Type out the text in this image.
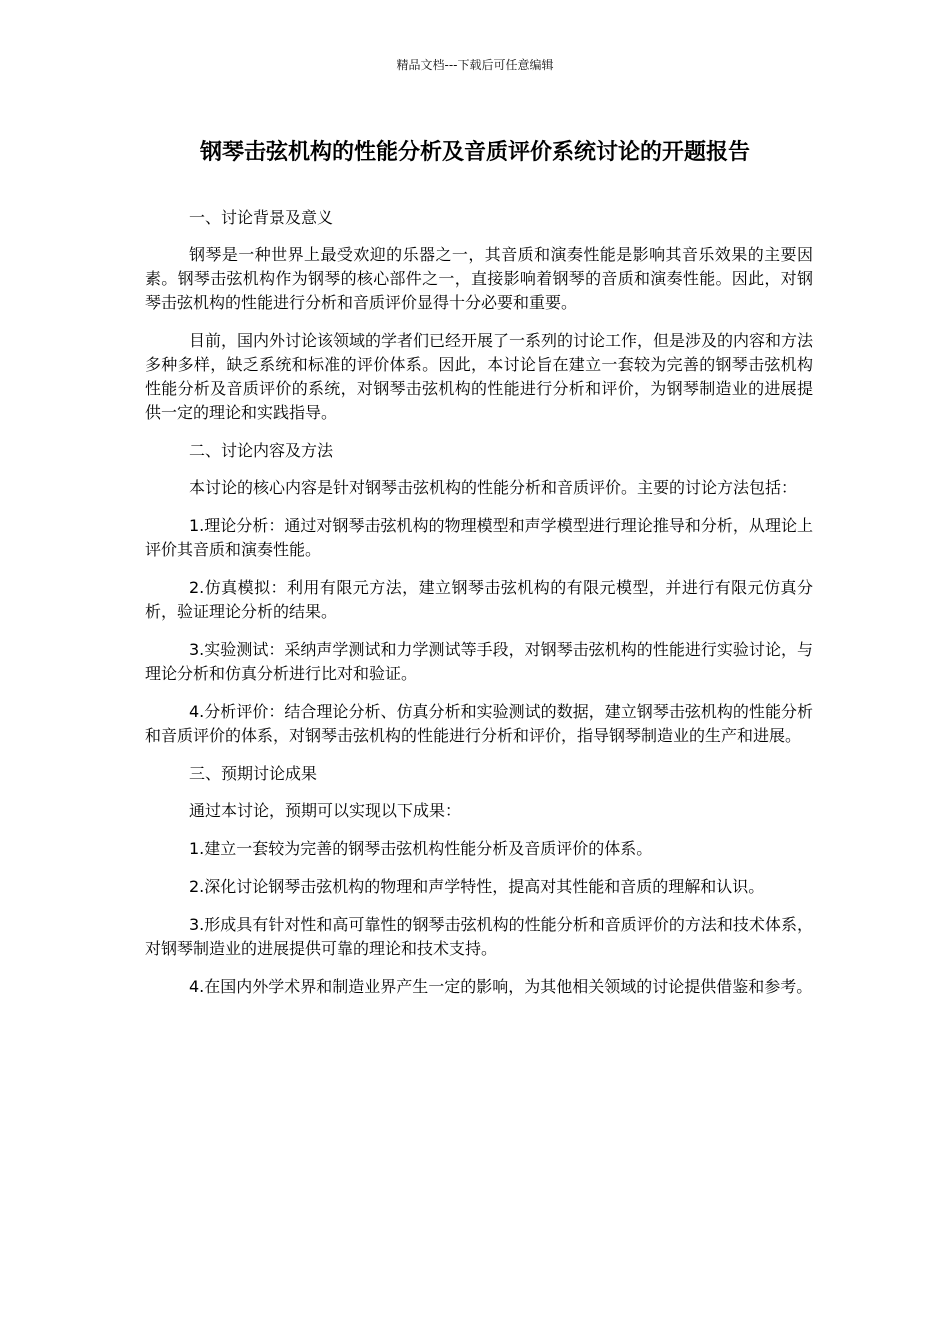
精品文档---下载后可任意编辑
钢琴击弦机构的性能分析及音质评价系统讨论的开题报告

一、讨论背景及意义

钢琴是一种世界上最受欢迎的乐器之一，其音质和演奏性能是影响其音乐效果的主要因素。钢琴击弦机构作为钢琴的核心部件之一，直接影响着钢琴的音质和演奏性能。因此，对钢琴击弦机构的性能进行分析和音质评价显得十分必要和重要。

目前，国内外讨论该领域的学者们已经开展了一系列的讨论工作，但是涉及的内容和方法多种多样，缺乏系统和标准的评价体系。因此，本讨论旨在建立一套较为完善的钢琴击弦机构性能分析及音质评价的系统，对钢琴击弦机构的性能进行分析和评价，为钢琴制造业的进展提供一定的理论和实践指导。

二、讨论内容及方法

本讨论的核心内容是针对钢琴击弦机构的性能分析和音质评价。主要的讨论方法包括：

1.理论分析：通过对钢琴击弦机构的物理模型和声学模型进行理论推导和分析，从理论上评价其音质和演奏性能。

2.仿真模拟：利用有限元方法，建立钢琴击弦机构的有限元模型，并进行有限元仿真分析，验证理论分析的结果。

3.实验测试：采纳声学测试和力学测试等手段，对钢琴击弦机构的性能进行实验讨论，与理论分析和仿真分析进行比对和验证。

4.分析评价：结合理论分析、仿真分析和实验测试的数据，建立钢琴击弦机构的性能分析和音质评价的体系，对钢琴击弦机构的性能进行分析和评价，指导钢琴制造业的生产和进展。

三、预期讨论成果

通过本讨论，预期可以实现以下成果：

1.建立一套较为完善的钢琴击弦机构性能分析及音质评价的体系。

2.深化讨论钢琴击弦机构的物理和声学特性，提高对其性能和音质的理解和认识。

3.形成具有针对性和高可靠性的钢琴击弦机构的性能分析和音质评价的方法和技术体系，对钢琴制造业的进展提供可靠的理论和技术支持。

4.在国内外学术界和制造业界产生一定的影响，为其他相关领域的讨论提供借鉴和参考。
